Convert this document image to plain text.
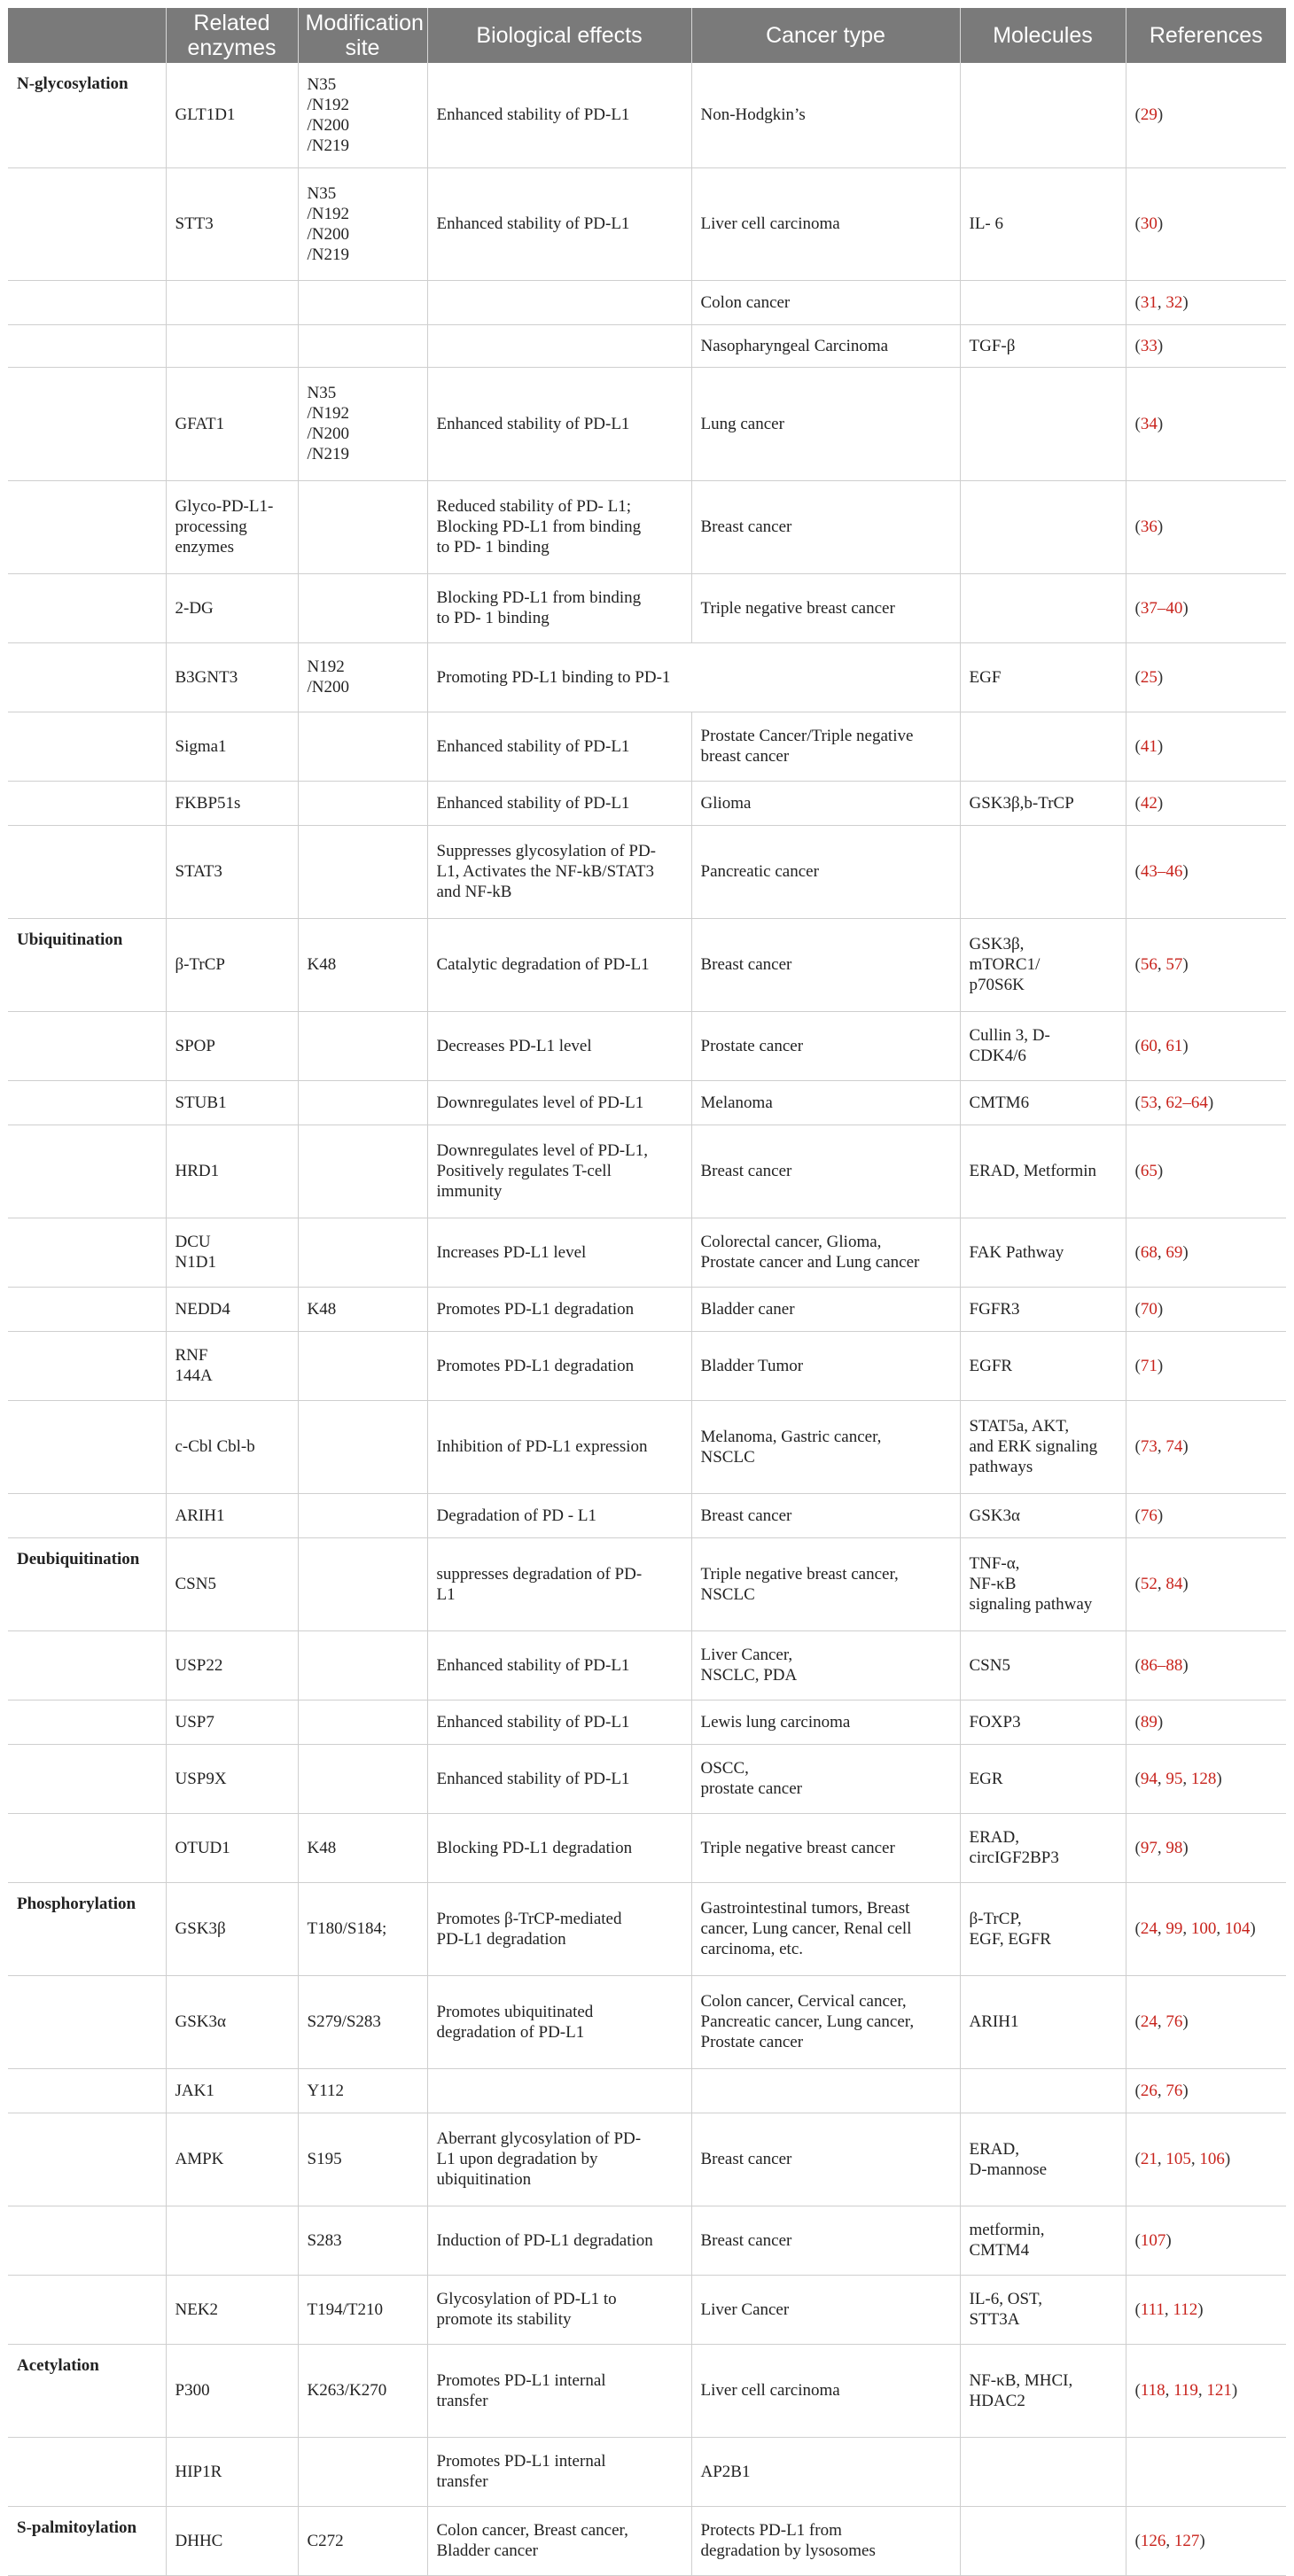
	Related enzymes	Modification site	Biological effects	Cancer type	Molecules	References
N-glycosylation	GLT1D1	N35
/N192
/N200
/N219	Enhanced stability of PD-L1	Non-Hodgkin’s		(29)
	STT3	N35
/N192
/N200
/N219	Enhanced stability of PD-L1	Liver cell carcinoma	IL- 6	(30)
				Colon cancer		(31, 32)
				Nasopharyngeal Carcinoma	TGF-β	(33)
	GFAT1	N35
/N192
/N200
/N219	Enhanced stability of PD-L1	Lung cancer		(34)
	Glyco-PD-L1-
processing
enzymes		Reduced stability of PD- L1;
Blocking PD-L1 from binding
to PD- 1 binding	Breast cancer		(36)
	2-DG		Blocking PD-L1 from binding
to PD- 1 binding	Triple negative breast cancer		(37–40)
	B3GNT3	N192
/N200	Promoting PD-L1 binding to PD-1		EGF	(25)
	Sigma1		Enhanced stability of PD-L1	Prostate Cancer/Triple negative
breast cancer		(41)
	FKBP51s		Enhanced stability of PD-L1	Glioma	GSK3β,b-TrCP	(42)
	STAT3		Suppresses glycosylation of PD-
L1, Activates the NF-kB/STAT3
and NF-kB	Pancreatic cancer		(43–46)
Ubiquitination	β-TrCP	K48	Catalytic degradation of PD-L1	Breast cancer	GSK3β,
mTORC1/
p70S6K	(56, 57)
	SPOP		Decreases PD-L1 level	Prostate cancer	Cullin 3, D-
CDK4/6	(60, 61)
	STUB1		Downregulates level of PD-L1	Melanoma	CMTM6	(53, 62–64)
	HRD1		Downregulates level of PD-L1,
Positively regulates T-cell
immunity	Breast cancer	ERAD, Metformin	(65)
	DCU
N1D1		Increases PD-L1 level	Colorectal cancer, Glioma,
Prostate cancer and Lung cancer	FAK Pathway	(68, 69)
	NEDD4	K48	Promotes PD-L1 degradation	Bladder caner	FGFR3	(70)
	RNF
144A		Promotes PD-L1 degradation	Bladder Tumor	EGFR	(71)
	c-Cbl Cbl-b		Inhibition of PD-L1 expression	Melanoma, Gastric cancer,
NSCLC	STAT5a, AKT,
and ERK signaling
pathways	(73, 74)
	ARIH1		Degradation of PD - L1	Breast cancer	GSK3α	(76)
Deubiquitination	CSN5		suppresses degradation of PD-
L1	Triple negative breast cancer,
NSCLC	TNF-α,
NF-κB
signaling pathway	(52, 84)
	USP22		Enhanced stability of PD-L1	Liver Cancer,
NSCLC, PDA	CSN5	(86–88)
	USP7		Enhanced stability of PD-L1	Lewis lung carcinoma	FOXP3	(89)
	USP9X		Enhanced stability of PD-L1	OSCC,
prostate cancer	EGR	(94, 95, 128)
	OTUD1	K48	Blocking PD-L1 degradation	Triple negative breast cancer	ERAD,
circIGF2BP3	(97, 98)
Phosphorylation	GSK3β	T180/S184;	Promotes β-TrCP-mediated
PD-L1 degradation	Gastrointestinal tumors, Breast
cancer, Lung cancer, Renal cell
carcinoma, etc.	β-TrCP,
EGF, EGFR	(24, 99, 100, 104)
	GSK3α	S279/S283	Promotes ubiquitinated
degradation of PD-L1	Colon cancer, Cervical cancer,
Pancreatic cancer, Lung cancer,
Prostate cancer	ARIH1	(24, 76)
	JAK1	Y112				(26, 76)
	AMPK	S195	Aberrant glycosylation of PD-
L1 upon degradation by
ubiquitination	Breast cancer	ERAD,
D-mannose	(21, 105, 106)
		S283	Induction of PD-L1 degradation	Breast cancer	metformin,
CMTM4	(107)
	NEK2	T194/T210	Glycosylation of PD-L1 to
promote its stability	Liver Cancer	IL-6, OST,
STT3A	(111, 112)
Acetylation	P300	K263/K270	Promotes PD-L1 internal
transfer	Liver cell carcinoma	NF-κB, MHCI,
HDAC2	(118, 119, 121)
	HIP1R		Promotes PD-L1 internal
transfer	AP2B1		
S-palmitoylation	DHHC	C272	Colon cancer, Breast cancer,
Bladder cancer	Protects PD-L1 from
degradation by lysosomes		(126, 127)
